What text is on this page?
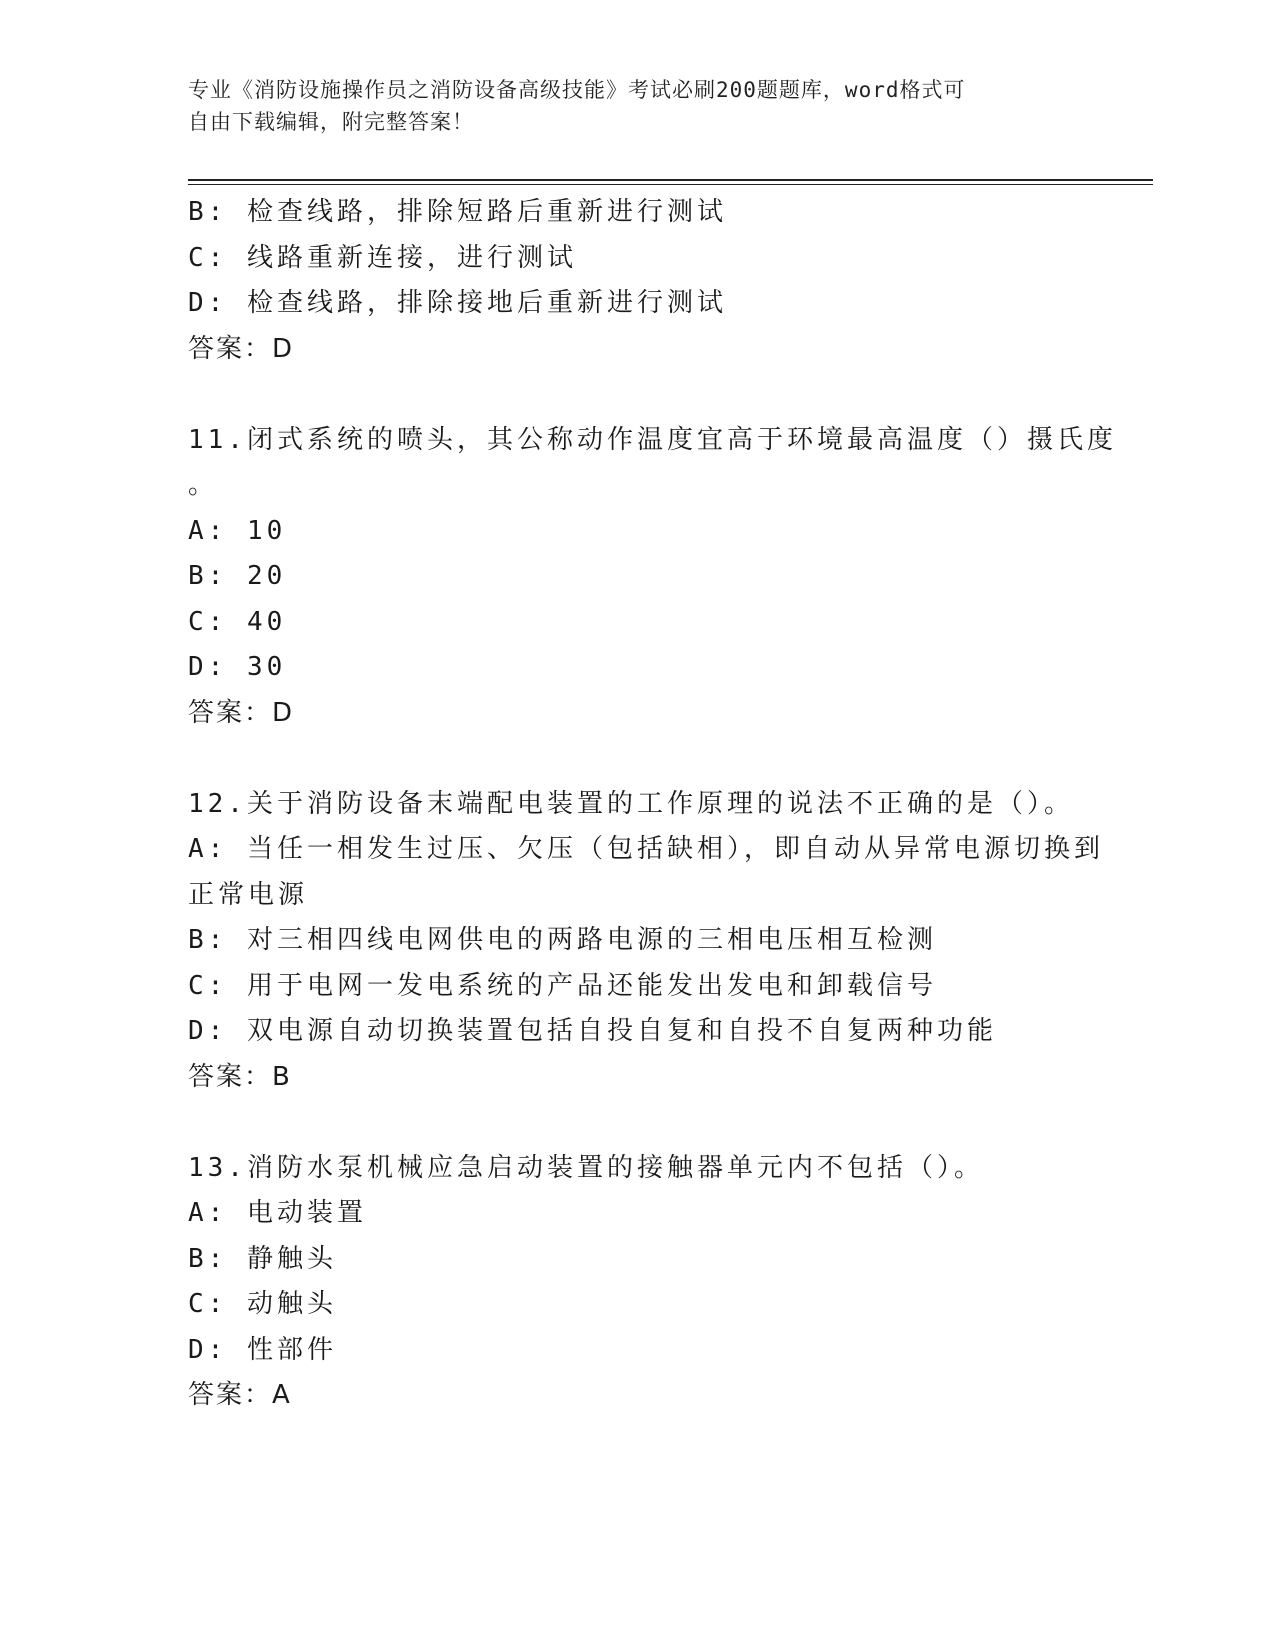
专业《消防设施操作员之消防设备高级技能》考试必刷200题题库，word格式可
自由下载编辑，附完整答案！
B: 检查线路，排除短路后重新进行测试
C: 线路重新连接，进行测试
D: 检查线路，排除接地后重新进行测试
答案：D
11.闭式系统的喷头，其公称动作温度宜高于环境最高温度（）摄氏度
。
A: 10
B: 20
C: 40
D: 30
答案：D
12.关于消防设备末端配电装置的工作原理的说法不正确的是（）。
A: 当任一相发生过压、欠压（包括缺相），即自动从异常电源切换到
正常电源
B: 对三相四线电网供电的两路电源的三相电压相互检测
C: 用于电网一发电系统的产品还能发出发电和卸载信号
D: 双电源自动切换装置包括自投自复和自投不自复两种功能
答案：B
13.消防水泵机械应急启动装置的接触器单元内不包括（）。
A: 电动装置
B: 静触头
C: 动触头
D: 性部件
答案：A
